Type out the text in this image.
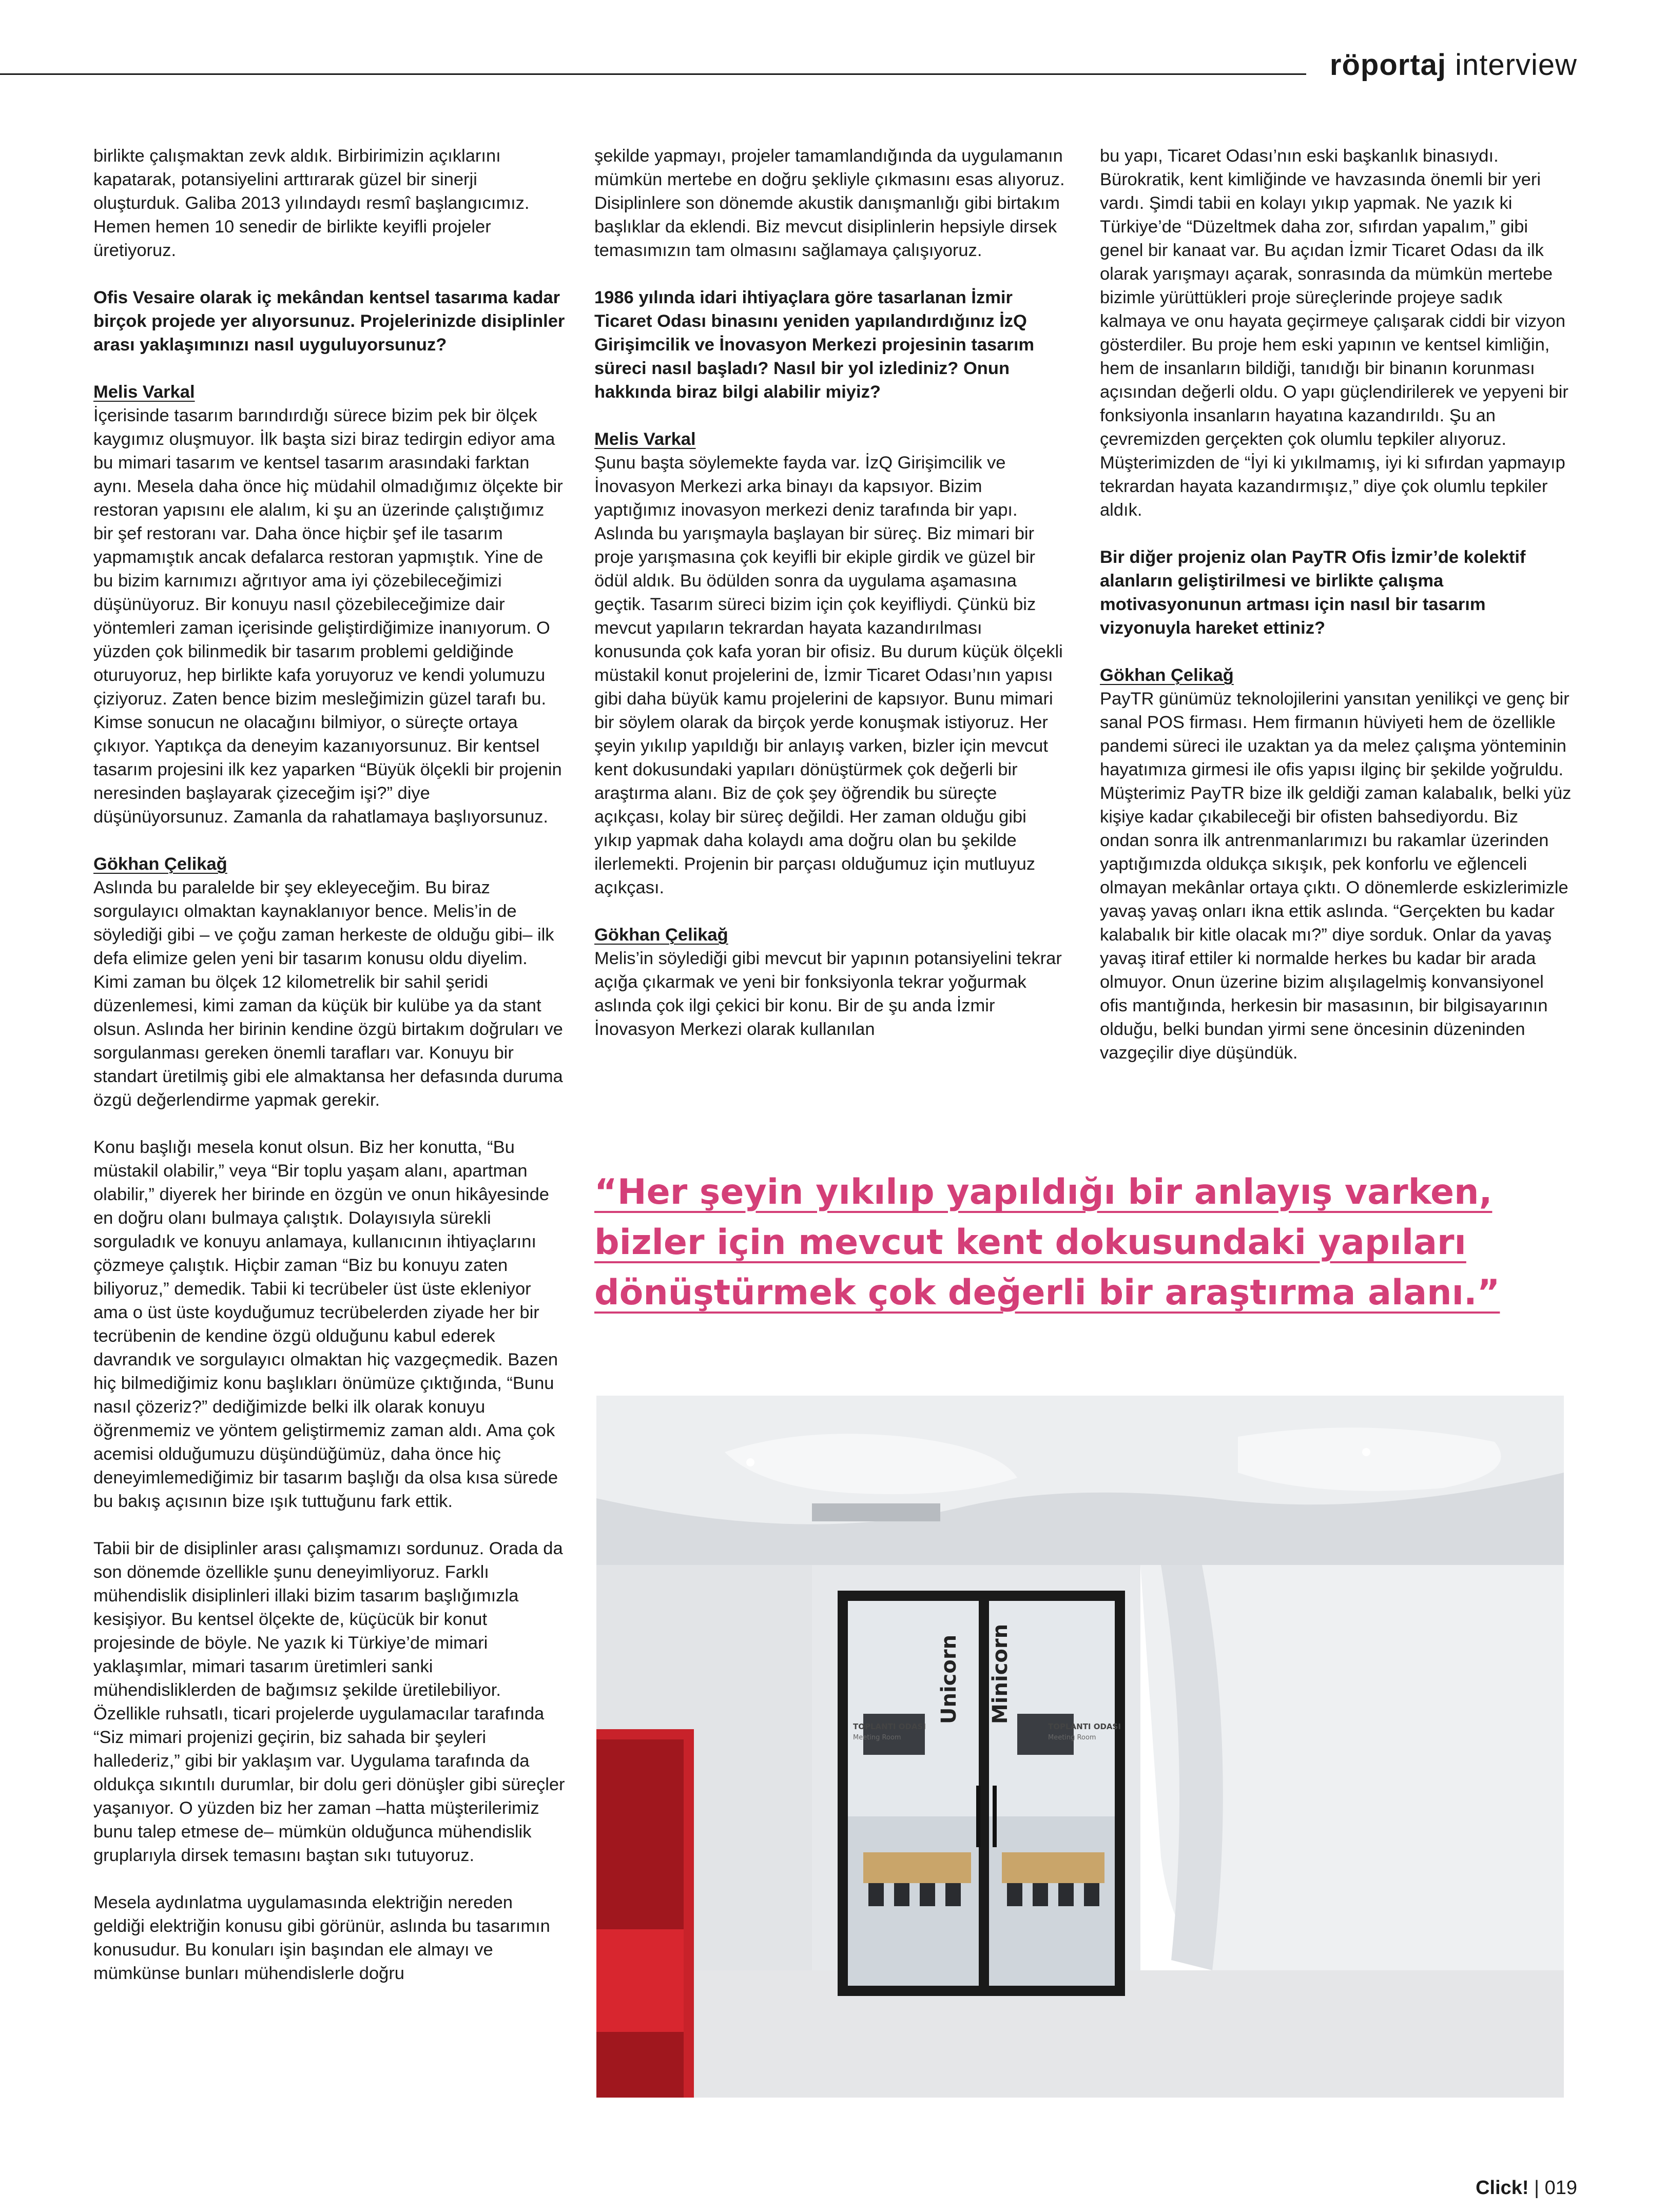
röportaj interview

birlikte çalışmaktan zevk aldık. Birbirimizin açıklarını kapatarak, potansiyelini arttırarak güzel bir sinerji oluşturduk. Galiba 2013 yılındaydı resmî başlangıcımız. Hemen hemen 10 senedir de birlikte keyifli projeler üretiyoruz.

Ofis Vesaire olarak iç mekândan kentsel tasarıma kadar birçok projede yer alıyorsunuz. Projelerinizde disiplinler arası yaklaşımınızı nasıl uyguluyorsunuz?

Melis Varkal

İçerisinde tasarım barındırdığı sürece bizim pek bir ölçek kaygımız oluşmuyor. İlk başta sizi biraz tedirgin ediyor ama bu mimari tasarım ve kentsel tasarım arasındaki farktan aynı. Mesela daha önce hiç müdahil olmadığımız ölçekte bir restoran yapısını ele alalım, ki şu an üzerinde çalıştığımız bir şef restoranı var. Daha önce hiçbir şef ile tasarım yapmamıştık ancak defalarca restoran yapmıştık. Yine de bu bizim karnımızı ağrıtıyor ama iyi çözebileceğimizi düşünüyoruz. Bir konuyu nasıl çözebileceğimize dair yöntemleri zaman içerisinde geliştirdiğimize inanıyorum. O yüzden çok bilinmedik bir tasarım problemi geldiğinde oturuyoruz, hep birlikte kafa yoruyoruz ve kendi yolumuzu çiziyoruz. Zaten bence bizim mesleğimizin güzel tarafı bu. Kimse sonucun ne olacağını bilmiyor, o süreçte ortaya çıkıyor. Yaptıkça da deneyim kazanıyorsunuz. Bir kentsel tasarım projesini ilk kez yaparken “Büyük ölçekli bir projenin neresinden başlayarak çizeceğim işi?” diye düşünüyorsunuz. Zamanla da rahatlamaya başlıyorsunuz.

Gökhan Çelikağ

Aslında bu paralelde bir şey ekleyeceğim. Bu biraz sorgulayıcı olmaktan kaynaklanıyor bence. Melis’in de söylediği gibi – ve çoğu zaman herkeste de olduğu gibi– ilk defa elimize gelen yeni bir tasarım konusu oldu diyelim. Kimi zaman bu ölçek 12 kilometrelik bir sahil şeridi düzenlemesi, kimi zaman da küçük bir kulübe ya da stant olsun. Aslında her birinin kendine özgü birtakım doğruları ve sorgulanması gereken önemli tarafları var. Konuyu bir standart üretilmiş gibi ele almaktansa her defasında duruma özgü değerlendirme yapmak gerekir.

Konu başlığı mesela konut olsun. Biz her konutta, “Bu müstakil olabilir,” veya “Bir toplu yaşam alanı, apartman olabilir,” diyerek her birinde en özgün ve onun hikâyesinde en doğru olanı bulmaya çalıştık. Dolayısıyla sürekli sorguladık ve konuyu anlamaya, kullanıcının ihtiyaçlarını çözmeye çalıştık. Hiçbir zaman “Biz bu konuyu zaten biliyoruz,” demedik. Tabii ki tecrübeler üst üste ekleniyor ama o üst üste koyduğumuz tecrübelerden ziyade her bir tecrübenin de kendine özgü olduğunu kabul ederek davrandık ve sorgulayıcı olmaktan hiç vazgeçmedik. Bazen hiç bilmediğimiz konu başlıkları önümüze çıktığında, “Bunu nasıl çözeriz?” dediğimizde belki ilk olarak konuyu öğrenmemiz ve yöntem geliştirmemiz zaman aldı. Ama çok acemisi olduğumuzu düşündüğümüz, daha önce hiç deneyimlemediğimiz bir tasarım başlığı da olsa kısa sürede bu bakış açısının bize ışık tuttuğunu fark ettik.

Tabii bir de disiplinler arası çalışmamızı sordunuz. Orada da son dönemde özellikle şunu deneyimliyoruz. Farklı mühendislik disiplinleri illaki bizim tasarım başlığımızla kesişiyor. Bu kentsel ölçekte de, küçücük bir konut projesinde de böyle. Ne yazık ki Türkiye’de mimari yaklaşımlar, mimari tasarım üretimleri sanki mühendisliklerden de bağımsız şekilde üretilebiliyor. Özellikle ruhsatlı, ticari projelerde uygulamacılar tarafında “Siz mimari projenizi geçirin, biz sahada bir şeyleri hallederiz,” gibi bir yaklaşım var. Uygulama tarafında da oldukça sıkıntılı durumlar, bir dolu geri dönüşler gibi süreçler yaşanıyor. O yüzden biz her zaman –hatta müşterilerimiz bunu talep etmese de– mümkün olduğunca mühendislik gruplarıyla dirsek temasını baştan sıkı tutuyoruz.

Mesela aydınlatma uygulamasında elektriğin nereden geldiği elektriğin konusu gibi görünür, aslında bu tasarımın konusudur. Bu konuları işin başından ele almayı ve mümkünse bunları mühendislerle doğru

şekilde yapmayı, projeler tamamlandığında da uygulamanın mümkün mertebe en doğru şekliyle çıkmasını esas alıyoruz. Disiplinlere son dönemde akustik danışmanlığı gibi birtakım başlıklar da eklendi. Biz mevcut disiplinlerin hepsiyle dirsek temasımızın tam olmasını sağlamaya çalışıyoruz.

1986 yılında idari ihtiyaçlara göre tasarlanan İzmir Ticaret Odası binasını yeniden yapılandırdığınız İzQ Girişimcilik ve İnovasyon Merkezi projesinin tasarım süreci nasıl başladı? Nasıl bir yol izlediniz? Onun hakkında biraz bilgi alabilir miyiz?

Melis Varkal

Şunu başta söylemekte fayda var. İzQ Girişimcilik ve İnovasyon Merkezi arka binayı da kapsıyor. Bizim yaptığımız inovasyon merkezi deniz tarafında bir yapı. Aslında bu yarışmayla başlayan bir süreç. Biz mimari bir proje yarışmasına çok keyifli bir ekiple girdik ve güzel bir ödül aldık. Bu ödülden sonra da uygulama aşamasına geçtik. Tasarım süreci bizim için çok keyifliydi. Çünkü biz mevcut yapıların tekrardan hayata kazandırılması konusunda çok kafa yoran bir ofisiz. Bu durum küçük ölçekli müstakil konut projelerini de, İzmir Ticaret Odası’nın yapısı gibi daha büyük kamu projelerini de kapsıyor. Bunu mimari bir söylem olarak da birçok yerde konuşmak istiyoruz. Her şeyin yıkılıp yapıldığı bir anlayış varken, bizler için mevcut kent dokusundaki yapıları dönüştürmek çok değerli bir araştırma alanı. Biz de çok şey öğrendik bu süreçte açıkçası, kolay bir süreç değildi. Her zaman olduğu gibi yıkıp yapmak daha kolaydı ama doğru olan bu şekilde ilerlemekti. Projenin bir parçası olduğumuz için mutluyuz açıkçası.

Gökhan Çelikağ

Melis’in söylediği gibi mevcut bir yapının potansiyelini tekrar açığa çıkarmak ve yeni bir fonksiyonla tekrar yoğurmak aslında çok ilgi çekici bir konu. Bir de şu anda İzmir İnovasyon Merkezi olarak kullanılan

bu yapı, Ticaret Odası’nın eski başkanlık binasıydı. Bürokratik, kent kimliğinde ve havzasında önemli bir yeri vardı. Şimdi tabii en kolayı yıkıp yapmak. Ne yazık ki Türkiye’de “Düzeltmek daha zor, sıfırdan yapalım,” gibi genel bir kanaat var. Bu açıdan İzmir Ticaret Odası da ilk olarak yarışmayı açarak, sonrasında da mümkün mertebe bizimle yürüttükleri proje süreçlerinde projeye sadık kalmaya ve onu hayata geçirmeye çalışarak ciddi bir vizyon gösterdiler. Bu proje hem eski yapının ve kentsel kimliğin, hem de insanların bildiği, tanıdığı bir binanın korunması açısından değerli oldu. O yapı güçlendirilerek ve yepyeni bir fonksiyonla insanların hayatına kazandırıldı. Şu an çevremizden gerçekten çok olumlu tepkiler alıyoruz. Müşterimizden de “İyi ki yıkılmamış, iyi ki sıfırdan yapmayıp tekrardan hayata kazandırmışız,” diye çok olumlu tepkiler aldık.

Bir diğer projeniz olan PayTR Ofis İzmir’de kolektif alanların geliştirilmesi ve birlikte çalışma motivasyonunun artması için nasıl bir tasarım vizyonuyla hareket ettiniz?

Gökhan Çelikağ

PayTR günümüz teknolojilerini yansıtan yenilikçi ve genç bir sanal POS firması. Hem firmanın hüviyeti hem de özellikle pandemi süreci ile uzaktan ya da melez çalışma yönteminin hayatımıza girmesi ile ofis yapısı ilginç bir şekilde yoğruldu. Müşterimiz PayTR bize ilk geldiği zaman kalabalık, belki yüz kişiye kadar çıkabileceği bir ofisten bahsediyordu. Biz ondan sonra ilk antrenmanlarımızı bu rakamlar üzerinden yaptığımızda oldukça sıkışık, pek konforlu ve eğlenceli olmayan mekânlar ortaya çıktı. O dönemlerde eskizlerimizle yavaş yavaş onları ikna ettik aslında. “Gerçekten bu kadar kalabalık bir kitle olacak mı?” diye sorduk. Onlar da yavaş yavaş itiraf ettiler ki normalde herkes bu kadar bir arada olmuyor. Onun üzerine bizim alışılagelmiş konvansiyonel ofis mantığında, herkesin bir masasının, bir bilgisayarının olduğu, belki bundan yirmi sene öncesinin düzeninden vazgeçilir diye düşündük.

“Her şeyin yıkılıp yapıldığı bir anlayış varken,
bizler için mevcut kent dokusundaki yapıları
dönüştürmek çok değerli bir araştırma alanı.”
Unicorn Minicorn
TOPLANTI ODASI
Meeting Room
TOPLANTI ODASI
Meeting Room
Click! | 019
